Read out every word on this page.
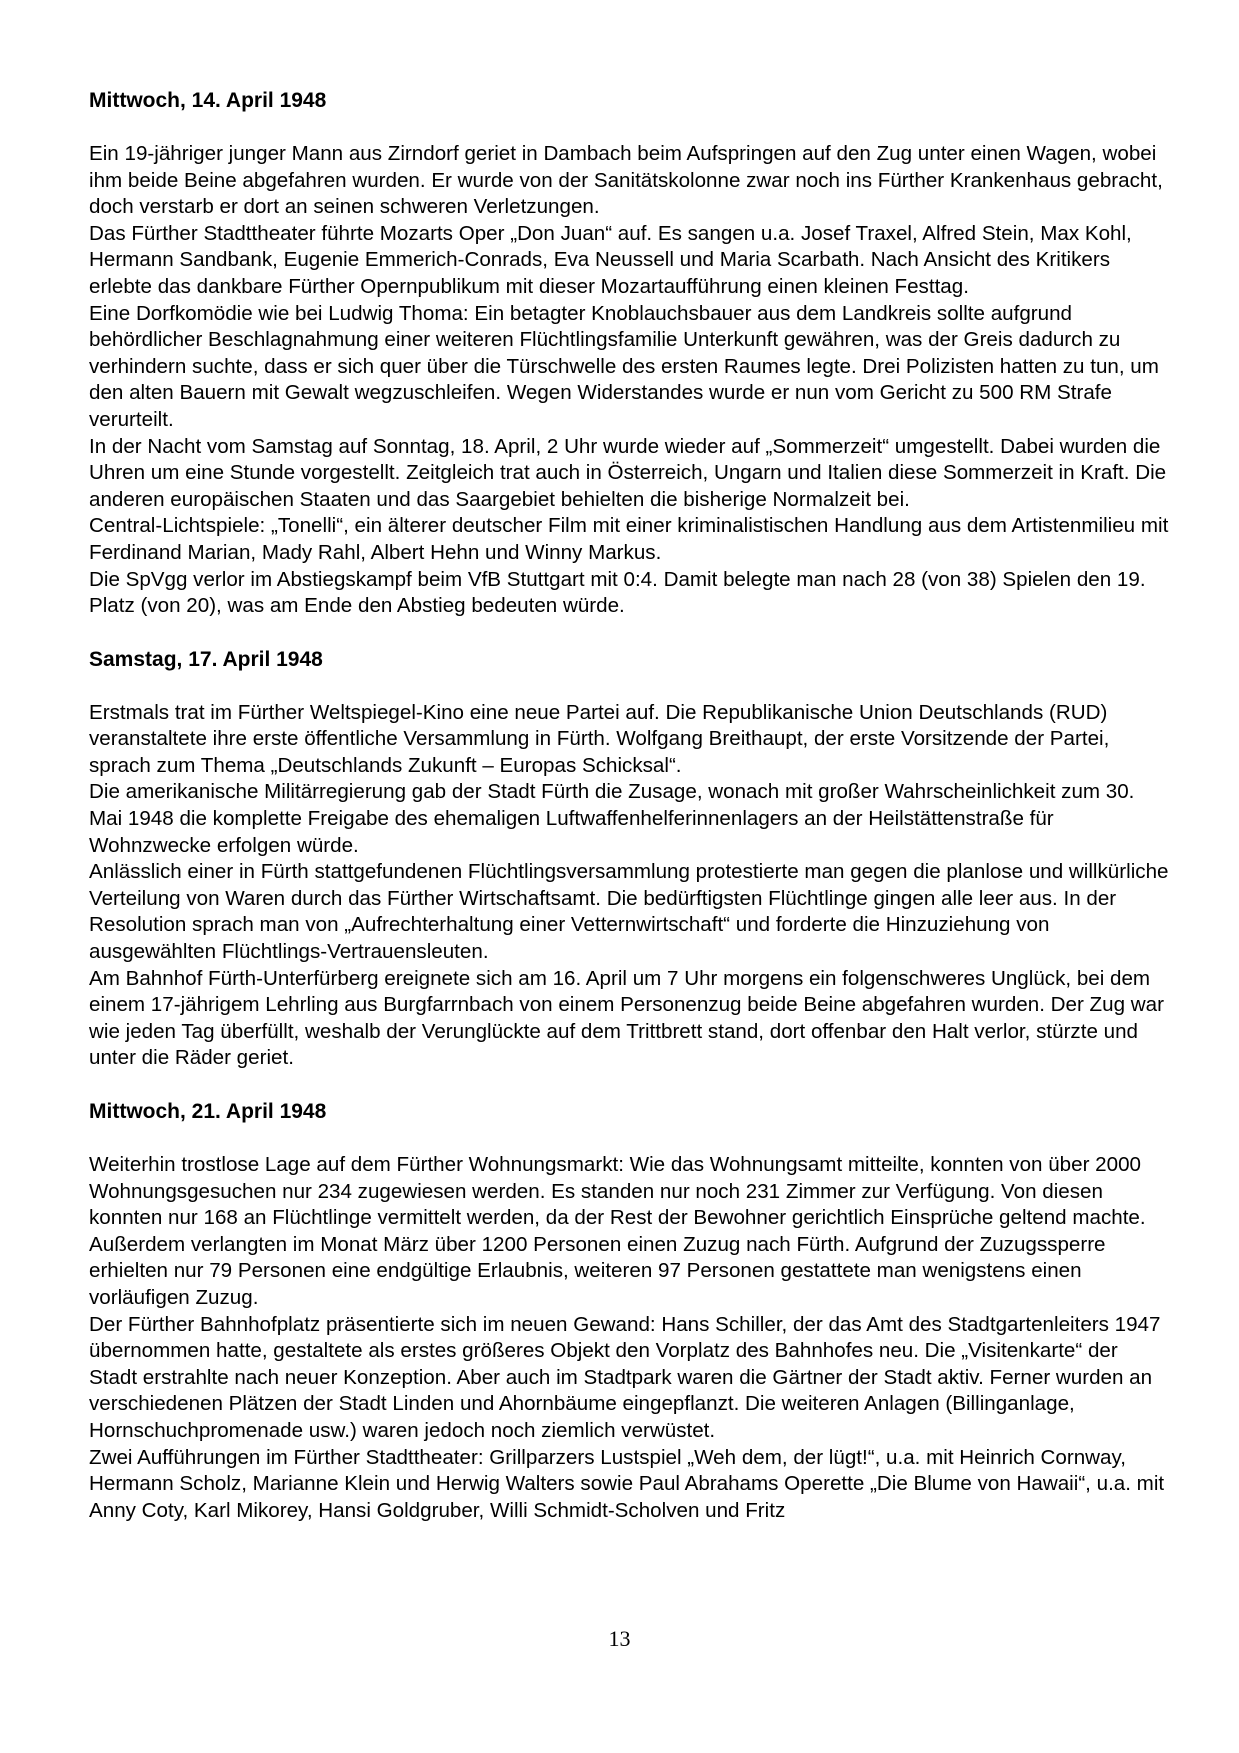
Mittwoch, 14. April 1948

Ein 19-jähriger junger Mann aus Zirndorf geriet in Dambach beim Aufspringen auf den Zug unter einen Wagen, wobei ihm beide Beine abgefahren wurden. Er wurde von der Sanitätskolonne zwar noch ins Fürther Krankenhaus gebracht, doch verstarb er dort an seinen schweren Verletzungen.

Das Fürther Stadttheater führte Mozarts Oper „Don Juan“ auf. Es sangen u.a. Josef Traxel, Alfred Stein, Max Kohl, Hermann Sandbank, Eugenie Emmerich-Conrads, Eva Neussell und Maria Scarbath. Nach Ansicht des Kritikers erlebte das dankbare Fürther Opernpublikum mit dieser Mozartaufführung einen kleinen Festtag.

Eine Dorfkomödie wie bei Ludwig Thoma: Ein betagter Knoblauchsbauer aus dem Landkreis sollte aufgrund behördlicher Beschlagnahmung einer weiteren Flüchtlingsfamilie Unterkunft gewähren, was der Greis dadurch zu verhindern suchte, dass er sich quer über die Türschwelle des ersten Raumes legte. Drei Polizisten hatten zu tun, um den alten Bauern mit Gewalt wegzuschleifen. Wegen Widerstandes wurde er nun vom Gericht zu 500 RM Strafe verurteilt.

In der Nacht vom Samstag auf Sonntag, 18. April, 2 Uhr wurde wieder auf „Sommerzeit“ umgestellt. Dabei wurden die Uhren um eine Stunde vorgestellt. Zeitgleich trat auch in Österreich, Ungarn und Italien diese Sommerzeit in Kraft. Die anderen europäischen Staaten und das Saargebiet behielten die bisherige Normalzeit bei.

Central-Lichtspiele: „Tonelli“, ein älterer deutscher Film mit einer kriminalistischen Handlung aus dem Artistenmilieu mit Ferdinand Marian, Mady Rahl, Albert Hehn und Winny Markus.

Die SpVgg verlor im Abstiegskampf beim VfB Stuttgart mit 0:4. Damit belegte man nach 28 (von 38) Spielen den 19. Platz (von 20), was am Ende den Abstieg bedeuten würde.

Samstag, 17. April 1948

Erstmals trat im Fürther Weltspiegel-Kino eine neue Partei auf. Die Republikanische Union Deutschlands (RUD) veranstaltete ihre erste öffentliche Versammlung in Fürth. Wolfgang Breithaupt, der erste Vorsitzende der Partei, sprach zum Thema „Deutschlands Zukunft – Europas Schicksal“.

Die amerikanische Militärregierung gab der Stadt Fürth die Zusage, wonach mit großer Wahrscheinlichkeit zum 30. Mai 1948 die komplette Freigabe des ehemaligen Luftwaffenhelferinnenlagers an der Heilstättenstraße für Wohnzwecke erfolgen würde.

Anlässlich einer in Fürth stattgefundenen Flüchtlingsversammlung protestierte man gegen die planlose und willkürliche Verteilung von Waren durch das Fürther Wirtschaftsamt. Die bedürftigsten Flüchtlinge gingen alle leer aus. In der Resolution sprach man von „Aufrechterhaltung einer Vetternwirtschaft“ und forderte die Hinzuziehung von ausgewählten Flüchtlings-Vertrauensleuten.

Am Bahnhof Fürth-Unterfürberg ereignete sich am 16. April um 7 Uhr morgens ein folgenschweres Unglück, bei dem einem 17-jährigem Lehrling aus Burgfarrnbach von einem Personenzug beide Beine abgefahren wurden. Der Zug war wie jeden Tag überfüllt, weshalb der Verunglückte auf dem Trittbrett stand, dort offenbar den Halt verlor, stürzte und unter die Räder geriet.

Mittwoch, 21. April 1948

Weiterhin trostlose Lage auf dem Fürther Wohnungsmarkt: Wie das Wohnungsamt mitteilte, konnten von über 2000 Wohnungsgesuchen nur 234 zugewiesen werden. Es standen nur noch 231 Zimmer zur Verfügung. Von diesen konnten nur 168 an Flüchtlinge vermittelt werden, da der Rest der Bewohner gerichtlich Einsprüche geltend machte. Außerdem verlangten im Monat März über 1200 Personen einen Zuzug nach Fürth. Aufgrund der Zuzugssperre erhielten nur 79 Personen eine endgültige Erlaubnis, weiteren 97 Personen gestattete man wenigstens einen vorläufigen Zuzug.

Der Fürther Bahnhofplatz präsentierte sich im neuen Gewand: Hans Schiller, der das Amt des Stadtgartenleiters 1947 übernommen hatte, gestaltete als erstes größeres Objekt den Vorplatz des Bahnhofes neu. Die „Visitenkarte“ der Stadt erstrahlte nach neuer Konzeption. Aber auch im Stadtpark waren die Gärtner der Stadt aktiv. Ferner wurden an verschiedenen Plätzen der Stadt Linden und Ahornbäume eingepflanzt. Die weiteren Anlagen (Billinganlage, Hornschuchpromenade usw.) waren jedoch noch ziemlich verwüstet.

Zwei Aufführungen im Fürther Stadttheater: Grillparzers Lustspiel „Weh dem, der lügt!“, u.a. mit Heinrich Cornway, Hermann Scholz, Marianne Klein und Herwig Walters sowie Paul Abrahams Operette „Die Blume von Hawaii“, u.a. mit Anny Coty, Karl Mikorey, Hansi Goldgruber, Willi Schmidt-Scholven und Fritz

13
